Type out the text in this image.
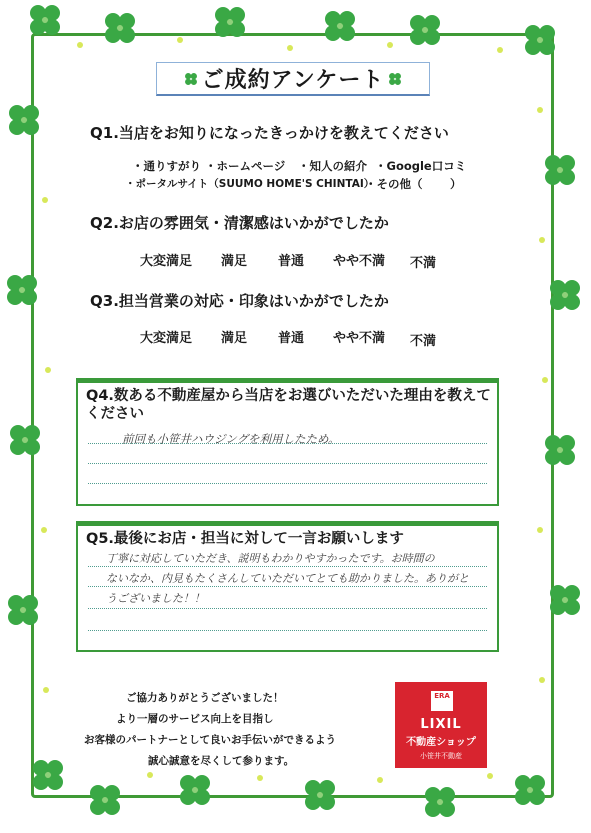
ご成約アンケート
Q1.当店をお知りになったきっかけを教えてください
・通りすがり ・ホームページ ・知人の紹介 ・Google口コミ
・ポータルサイト（SUUMO HOME'S CHINTAI）
・その他（ ）
Q2.お店の雰囲気・清潔感はいかがでしたか
大変満足 満足 普通 やや不満 不満
Q3.担当営業の対応・印象はいかがでしたか
大変満足 満足 普通 やや不満 不満
Q4.数ある不動産屋から当店をお選びいただいた理由を教えて
ください
前回も小笹井ハウジングを利用したため。
Q5.最後にお店・担当に対して一言お願いします
丁寧に対応していただき、説明もわかりやすかったです。お時間の
ないなか、内見もたくさんしていただいてとても助かりました。ありがと
うございました！！
ご協力ありがとうございました！
より一層のサービス向上を目指し
お客様のパートナーとして良いお手伝いができるよう
誠心誠意を尽くして参ります。
ERA
LIXIL
不動産ショップ
小笹井不動産
